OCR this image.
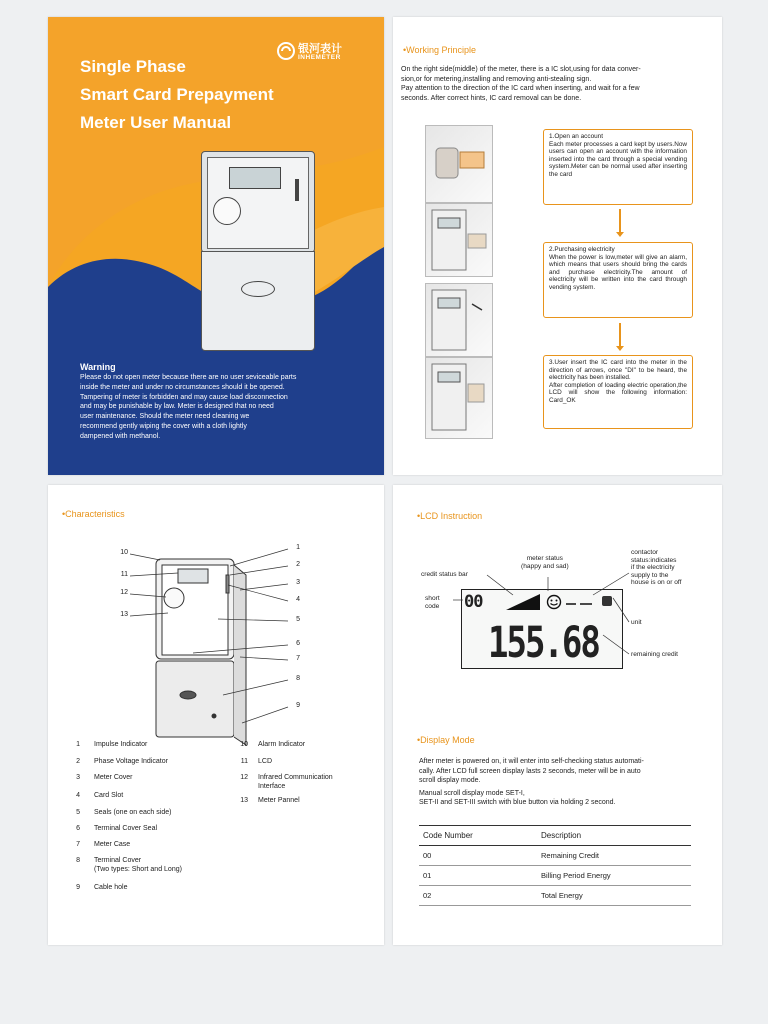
Single Phase
Smart Card Prepayment
Meter User Manual
银河表计
INHEMETER
Warning
Please do not open meter because there are no user seviceable parts
inside the meter and under no circumstances should it be opened.
Tampering of meter is forbidden and may cause load disconnection
and may be punishable by law. Meter is designed that no need
user maintenance. Should the meter need cleaning we
recommend gently wiping the cover with a cloth lightly
dampened with methanol.
• Working Principle
On the right side(middle) of the meter, there is a IC slot,using for data conver-
sion,or for metering,installing and removing anti-stealing sign.
Pay attention to the direction of the IC card when inserting, and wait for a few
seconds. After correct hints, IC card removal can be done.
1.Open an account
Each meter processes a card kept by users.Now users can open an account with the information inserted into the card through a special vending system.Meter can be normal used after inserting the card
2.Purchasing electricity
When the power is low,meter will give an alarm, which means that users should bring the cards and purchase electricity.The amount of electricity will be written into the card through vending system.
3.User insert the IC card into the meter in the direction of arrows, once "DI" to be heard, the electricity has been installed.
After completion of loading electric operation,the LCD will show the following information: Card_OK
• Characteristics
10
11
12
13
1
2
3
4
5
6
7
8
9
1 Impulse Indicator
2 Phase Voltage Indicator
3 Meter Cover
4 Card Slot
5 Seals (one on each side)
6 Terminal Cover Seal
7 Meter Case
8 Terminal Cover
(Two types: Short and Long)
9 Cable hole
10 Alarm Indicator
11 LCD
12 Infrared Communication
Interface
13 Meter Pannel
• LCD Instruction
meter status
(happy and sad)
contactor
status:indicates
if the electricity
supply to the
house is on or off
credit status bar
short
code
unit
remaining credit
00
155.68
• Display Mode
After meter is powered on, it will enter into self-checking status automati-
cally. After LCD full screen display lasts 2 seconds, meter will be in auto
scroll display mode.
Manual scroll display mode SET-I,
SET-II and SET-III switch with blue button via holding 2 second.
Code Number	Description
00	Remaining Credit
01	Billing Period Energy
02	Total Energy
